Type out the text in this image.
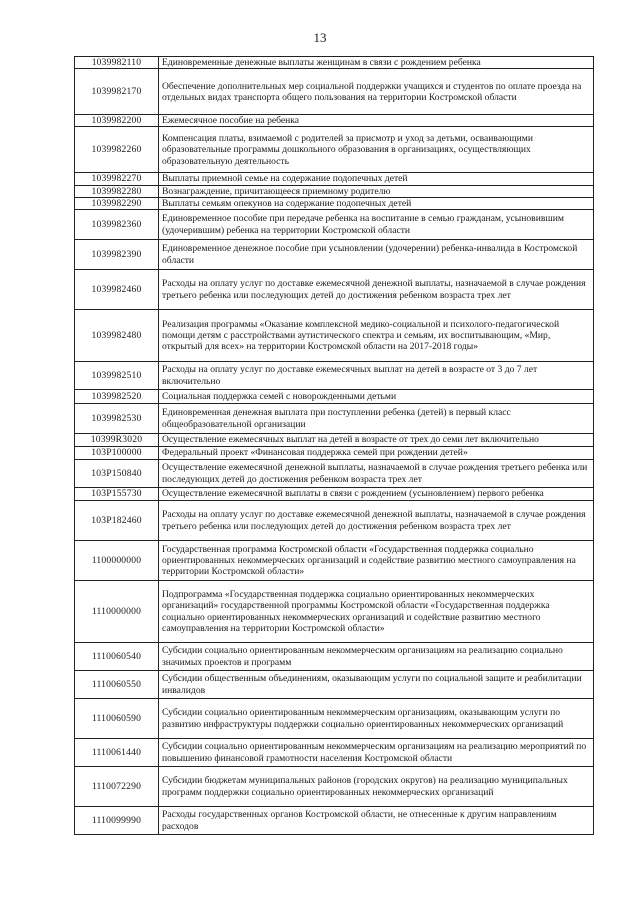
13
1039982110	Единовременные денежные выплаты женщинам в связи с рождением ребенка
1039982170	Обеспечение дополнительных мер социальной поддержки учащихся и студентов по оплате проезда на отдельных видах транспорта общего пользования на территории Костромской области
1039982200	Ежемесячное пособие на ребенка
1039982260	Компенсация платы, взимаемой с родителей за присмотр и уход за детьми, осваивающими образовательные программы дошкольного образования в организациях, осуществляющих образовательную деятельность
1039982270	Выплаты приемной семье на содержание подопечных детей
1039982280	Вознаграждение, причитающееся приемному родителю
1039982290	Выплаты семьям опекунов на содержание подопечных детей
1039982360	Единовременное пособие при передаче ребенка на воспитание в семью гражданам, усыновившим (удочерившим) ребенка на территории Костромской области
1039982390	Единовременное денежное пособие при усыновлении (удочерении) ребенка-инвалида в Костромской области
1039982460	Расходы на оплату услуг по доставке ежемесячной денежной выплаты, назначаемой в случае рождения третьего ребенка или последующих детей до достижения ребенком возраста трех лет
1039982480	Реализация программы «Оказание комплексной медико-социальной и психолого-педагогической помощи детям с расстройствами аутистического спектра и семьям, их воспитывающим, «Мир, открытый для всех» на территории Костромской области на 2017-2018 годы»
1039982510	Расходы на оплату услуг по доставке ежемесячных выплат на детей в возрасте от 3 до 7 лет включительно
1039982520	Социальная поддержка семей с новорожденными детьми
1039982530	Единовременная денежная выплата при поступлении ребенка (детей) в первый класс общеобразовательной организации
10399R3020	Осуществление ежемесячных выплат на детей в возрасте от трех до семи лет включительно
103P100000	Федеральный проект «Финансовая поддержка семей при рождении детей»
103P150840	Осуществление ежемесячной денежной выплаты, назначаемой в случае рождения третьего ребенка или последующих детей до достижения ребенком возраста трех лет
103P155730	Осуществление ежемесячной выплаты в связи с рождением (усыновлением) первого ребенка
103P182460	Расходы на оплату услуг по доставке ежемесячной денежной выплаты, назначаемой в случае рождения третьего ребенка или последующих детей до достижения ребенком возраста трех лет
1100000000	Государственная программа Костромской области «Государственная поддержка социально ориентированных некоммерческих организаций и содействие развитию местного самоуправления на территории Костромской области»
1110000000	Подпрограмма «Государственная поддержка социально ориентированных некоммерческих организаций» государственной программы Костромской области «Государственная поддержка социально ориентированных некоммерческих организаций и содействие развитию местного самоуправления на территории Костромской области»
1110060540	Субсидии социально ориентированным некоммерческим организациям на реализацию социально значимых проектов и программ
1110060550	Субсидии общественным объединениям, оказывающим услуги по социальной защите и реабилитации инвалидов
1110060590	Субсидии социально ориентированным некоммерческим организациям, оказывающим услуги по развитию инфраструктуры поддержки социально ориентированных некоммерческих организаций
1110061440	Субсидии социально ориентированным некоммерческим организациям на реализацию мероприятий по повышению финансовой грамотности населения Костромской области
1110072290	Субсидии бюджетам муниципальных районов (городских округов) на реализацию муниципальных программ поддержки социально ориентированных некоммерческих организаций
1110099990	Расходы государственных органов Костромской области, не отнесенные к другим направлениям расходов
